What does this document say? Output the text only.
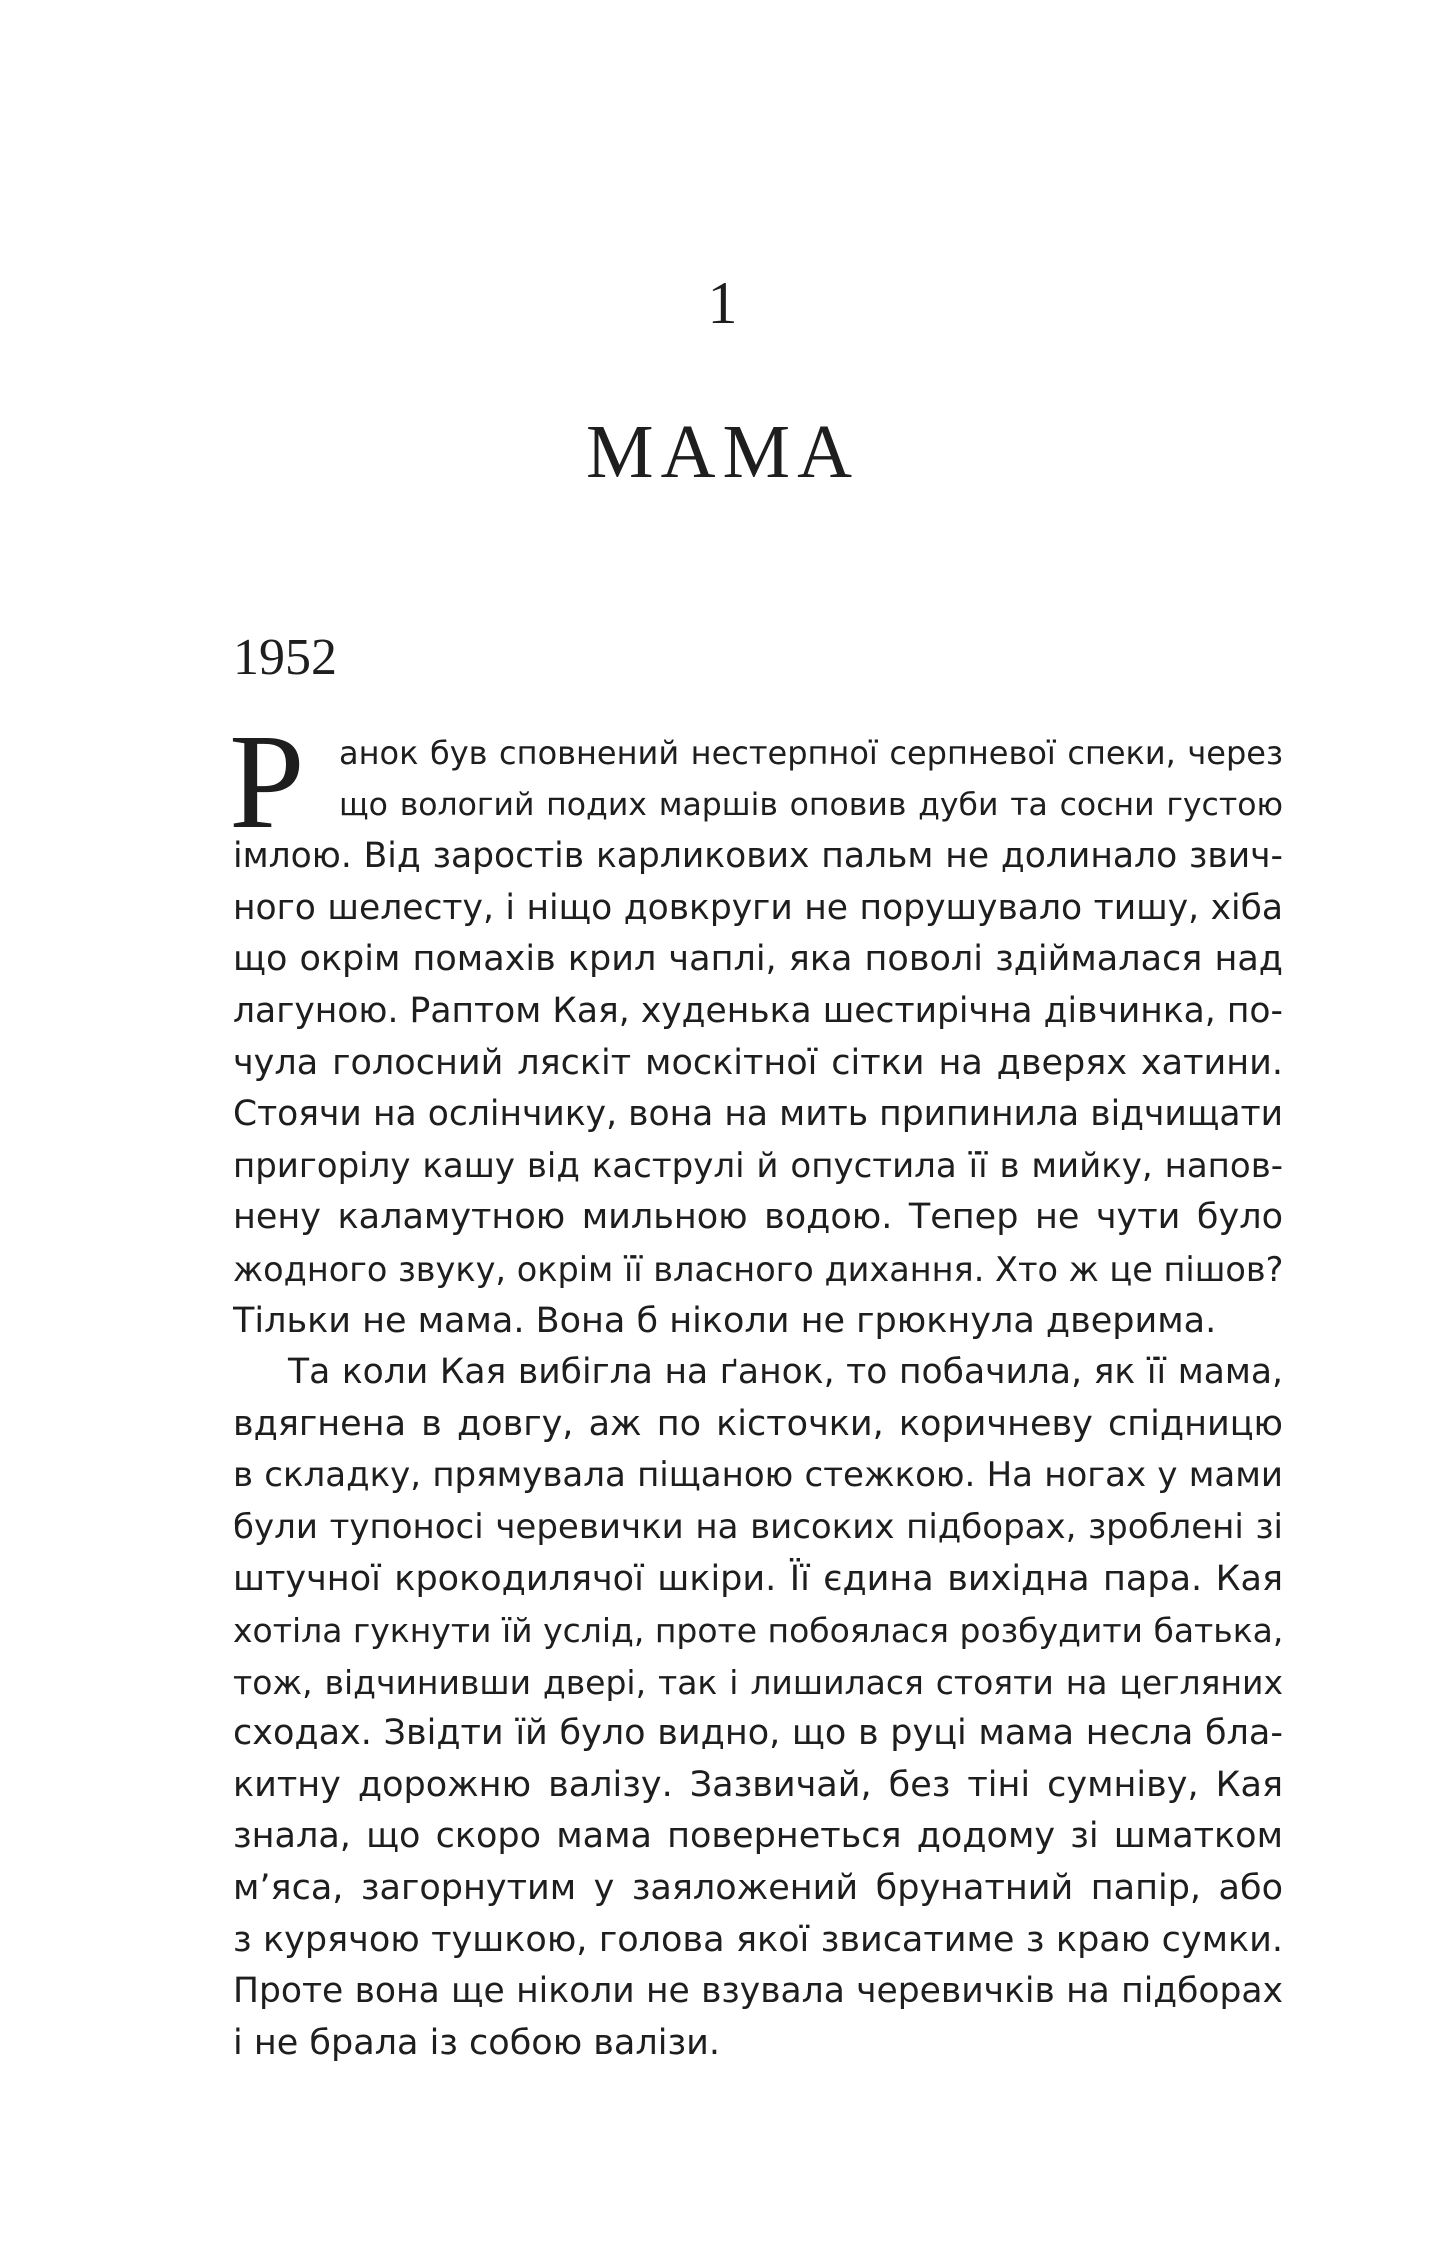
1
МАМА
1952
Р	анок був сповнений нестерпної серпневої спеки, через
що вологий подих маршів оповив дуби та сосни густою
імлою. Від заростів карликових пальм не долинало звич-
ного шелесту, і ніщо довкруги не порушувало тишу, хіба
що окрім помахів крил чаплі, яка поволі здіймалася над
лагуною. Раптом Кая, худенька шестирічна дівчинка, по-
чула голосний ляскіт москітної сітки на дверях хатини.
Стоячи на ослінчику, вона на мить припинила відчищати
пригорілу кашу від каструлі й опустила її в мийку, напов-
нену каламутною мильною водою. Тепер не чути було
жодного звуку, окрім її власного дихання. Хто ж це пішов?
Тільки не мама. Вона б ніколи не грюкнула дверима.
Та коли Кая вибігла на ґанок, то побачила, як її мама,
вдягнена в довгу, аж по кісточки, коричневу спідницю
в складку, прямувала піщаною стежкою. На ногах у мами
були тупоносі черевички на високих підборах, зроблені зі
штучної крокодилячої шкіри. Її єдина вихідна пара. Кая
хотіла гукнути їй услід, проте побоялася розбудити батька,
тож, відчинивши двері, так і лишилася стояти на цегляних
сходах. Звідти їй було видно, що в руці мама несла бла-
китну дорожню валізу. Зазвичай, без тіні сумніву, Кая
знала, що скоро мама повернеться додому зі шматком
м’яса, загорнутим у заяложений брунатний папір, або
з курячою тушкою, голова якої звисатиме з краю сумки.
Проте вона ще ніколи не взувала черевичків на підборах
і не брала із собою валізи.
